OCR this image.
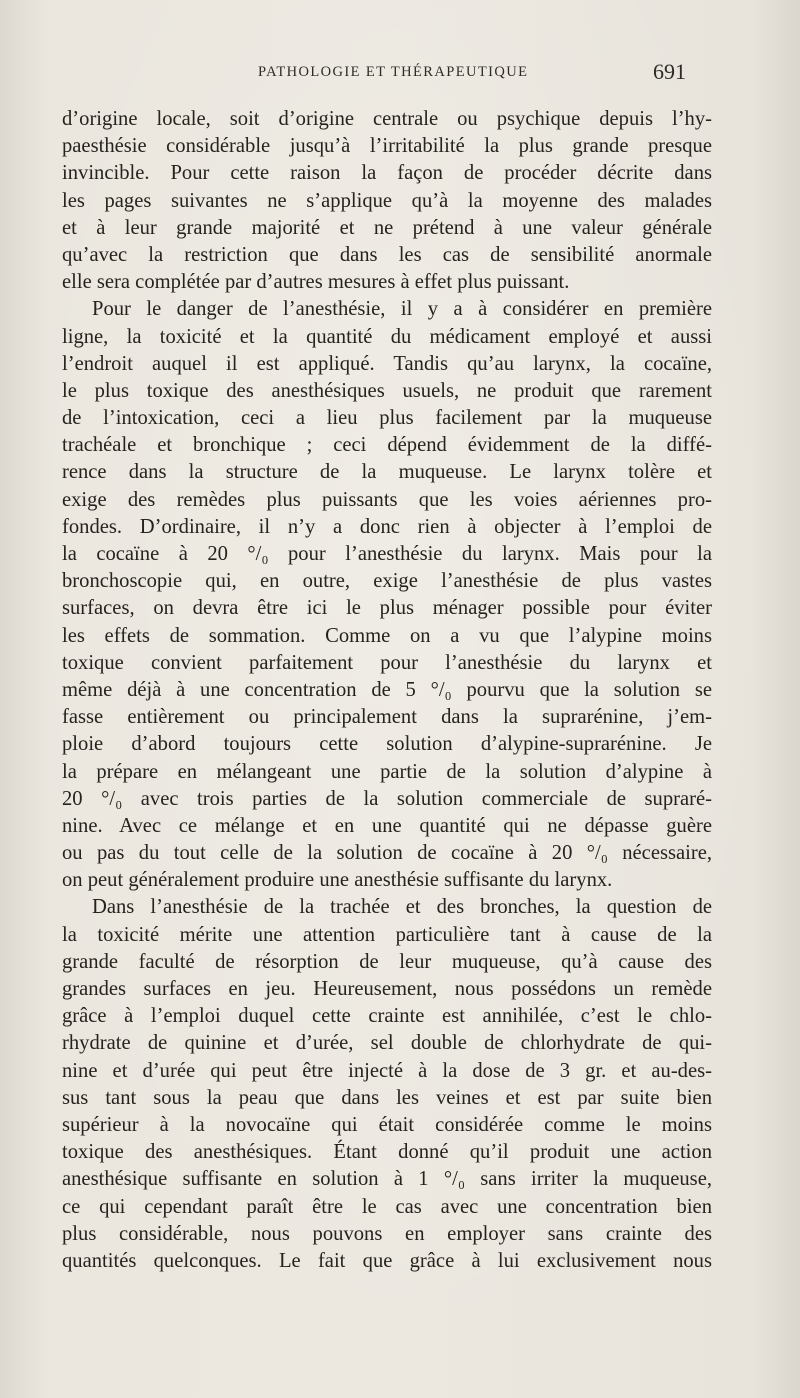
PATHOLOGIE ET THÉRAPEUTIQUE	691
d’origine locale, soit d’origine centrale ou psychique depuis l’hy-
paesthésie considérable jusqu’à l’irritabilité la plus grande presque
invincible. Pour cette raison la façon de procéder décrite dans
les pages suivantes ne s’applique qu’à la moyenne des malades
et à leur grande majorité et ne prétend à une valeur générale
qu’avec la restriction que dans les cas de sensibilité anormale
elle sera complétée par d’autres mesures à effet plus puissant.
Pour le danger de l’anesthésie, il y a à considérer en première
ligne, la toxicité et la quantité du médicament employé et aussi
l’endroit auquel il est appliqué. Tandis qu’au larynx, la cocaïne,
le plus toxique des anesthésiques usuels, ne produit que rarement
de l’intoxication, ceci a lieu plus facilement par la muqueuse
trachéale et bronchique ; ceci dépend évidemment de la diffé-
rence dans la structure de la muqueuse. Le larynx tolère et
exige des remèdes plus puissants que les voies aériennes pro-
fondes. D’ordinaire, il n’y a donc rien à objecter à l’emploi de
la cocaïne à 20 °/₀ pour l’anesthésie du larynx. Mais pour la
bronchoscopie qui, en outre, exige l’anesthésie de plus vastes
surfaces, on devra être ici le plus ménager possible pour éviter
les effets de sommation. Comme on a vu que l’alypine moins
toxique convient parfaitement pour l’anesthésie du larynx et
même déjà à une concentration de 5 °/₀ pourvu que la solution se
fasse entièrement ou principalement dans la suprarénine, j’em-
ploie d’abord toujours cette solution d’alypine-suprarénine. Je
la prépare en mélangeant une partie de la solution d’alypine à
20 °/₀ avec trois parties de la solution commerciale de supraré-
nine. Avec ce mélange et en une quantité qui ne dépasse guère
ou pas du tout celle de la solution de cocaïne à 20 °/₀ nécessaire,
on peut généralement produire une anesthésie suffisante du larynx.
Dans l’anesthésie de la trachée et des bronches, la question de
la toxicité mérite une attention particulière tant à cause de la
grande faculté de résorption de leur muqueuse, qu’à cause des
grandes surfaces en jeu. Heureusement, nous possédons un remède
grâce à l’emploi duquel cette crainte est annihilée, c’est le chlo-
rhydrate de quinine et d’urée, sel double de chlorhydrate de qui-
nine et d’urée qui peut être injecté à la dose de 3 gr. et au-des-
sus tant sous la peau que dans les veines et est par suite bien
supérieur à la novocaïne qui était considérée comme le moins
toxique des anesthésiques. Étant donné qu’il produit une action
anesthésique suffisante en solution à 1 °/₀ sans irriter la muqueuse,
ce qui cependant paraît être le cas avec une concentration bien
plus considérable, nous pouvons en employer sans crainte des
quantités quelconques. Le fait que grâce à lui exclusivement nous
